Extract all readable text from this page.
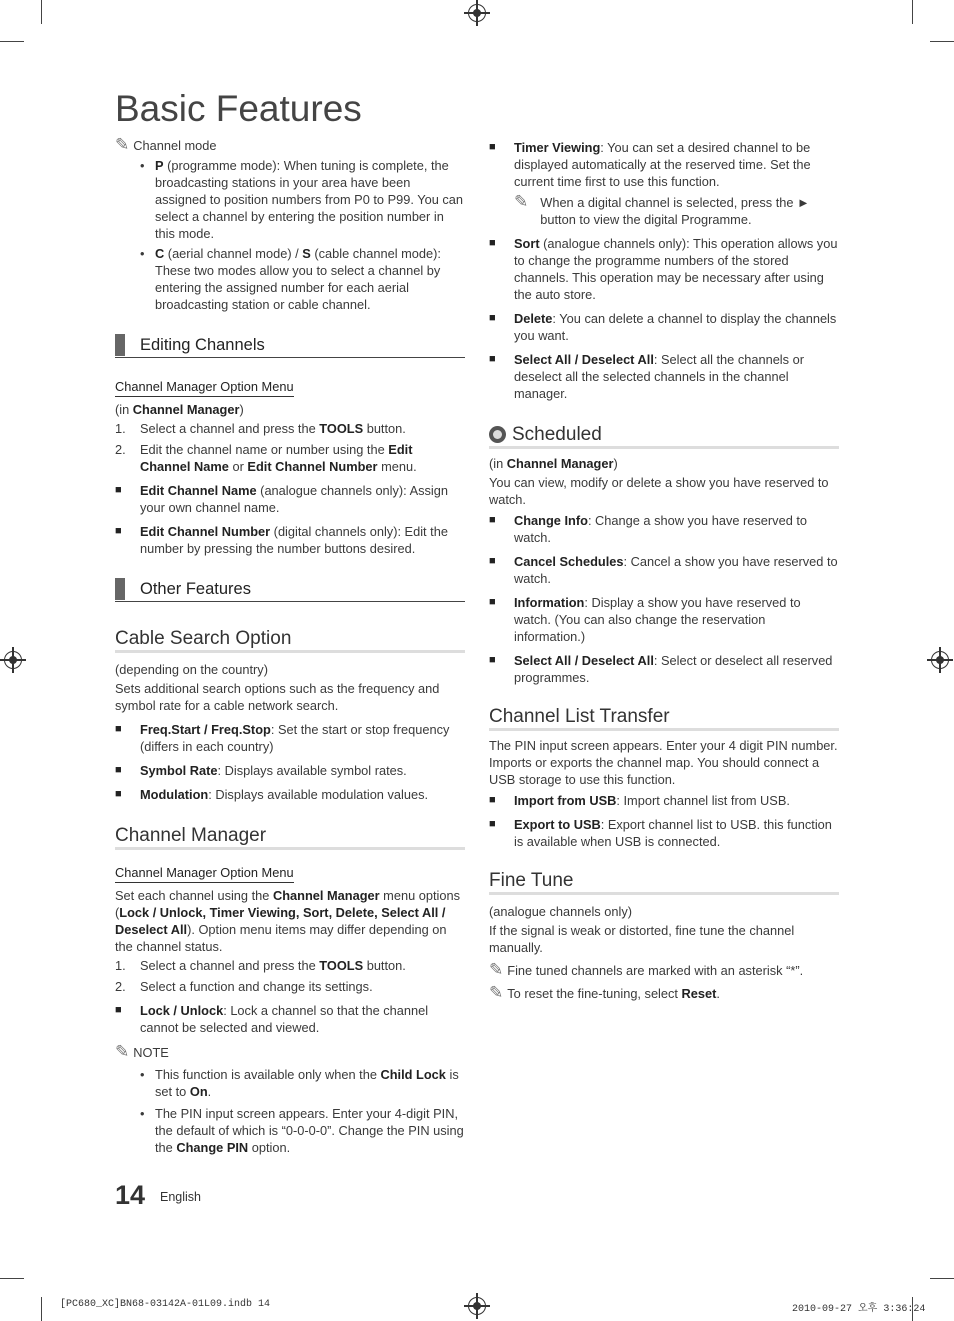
Basic Features
✎ Channel mode
• P (programme mode): When tuning is complete, the broadcasting stations in your area have been assigned to position numbers from P0 to P99. You can select a channel by entering the position number in this mode.

• C (aerial channel mode) / S (cable channel mode): These two modes allow you to select a channel by entering the assigned number for each aerial broadcasting station or cable channel.

Editing Channels
Channel Manager Option Menu

(in Channel Manager)

1.	Select a channel and press the TOOLS button.

2.	Edit the channel name or number using the Edit Channel Name or Edit Channel Number menu.

■	Edit Channel Name (analogue channels only): Assign your own channel name.

■	Edit Channel Number (digital channels only): Edit the number by pressing the number buttons desired.

Other Features
Cable Search Option

(depending on the country)

Sets additional search options such as the frequency and symbol rate for a cable network search.

■	Freq.Start / Freq.Stop: Set the start or stop frequency (differs in each country)

■	Symbol Rate: Displays available symbol rates.

■	Modulation: Displays available modulation values.

Channel Manager
Channel Manager Option Menu

Set each channel using the Channel Manager menu options (Lock / Unlock, Timer Viewing, Sort, Delete, Select All / Deselect All). Option menu items may differ depending on the channel status.

1.	Select a channel and press the TOOLS button.

2.	Select a function and change its settings.

■	Lock / Unlock: Lock a channel so that the channel cannot be selected and viewed.

✎ NOTE
• This function is available only when the Child Lock is set to On.

• The PIN input screen appears. Enter your 4-digit PIN, the default of which is “0-0-0-0”. Change the PIN using the Change PIN option.

■	Timer Viewing: You can set a desired channel to be displayed automatically at the reserved time. Set the current time first to use this function.

✎ When a digital channel is selected, press the ► button to view the digital Programme.

■	Sort (analogue channels only): This operation allows you to change the programme numbers of the stored channels. This operation may be necessary after using the auto store.

■	Delete: You can delete a channel to display the channels you want.

■	Select All / Deselect All: Select all the channels or deselect all the selected channels in the channel manager.

Scheduled

(in Channel Manager)

You can view, modify or delete a show you have reserved to watch.

■	Change Info: Change a show you have reserved to watch.

■	Cancel Schedules: Cancel a show you have reserved to watch.

■	Information: Display a show you have reserved to watch. (You can also change the reservation information.)

■	Select All / Deselect All: Select or deselect all reserved programmes.

Channel List Transfer

The PIN input screen appears. Enter your 4 digit PIN number. Imports or exports the channel map. You should connect a USB storage to use this function.

■	Import from USB: Import channel list from USB.

■	Export to USB: Export channel list to USB. this function is available when USB is connected.

Fine Tune

(analogue channels only)

If the signal is weak or distorted, fine tune the channel manually.

✎ Fine tuned channels are marked with an asterisk “*”.

✎ To reset the fine-tuning, select Reset.

14 English
[PC680_XC]BN68-03142A-01L09.indb 14	2010-09-27 오후 3:36:24
